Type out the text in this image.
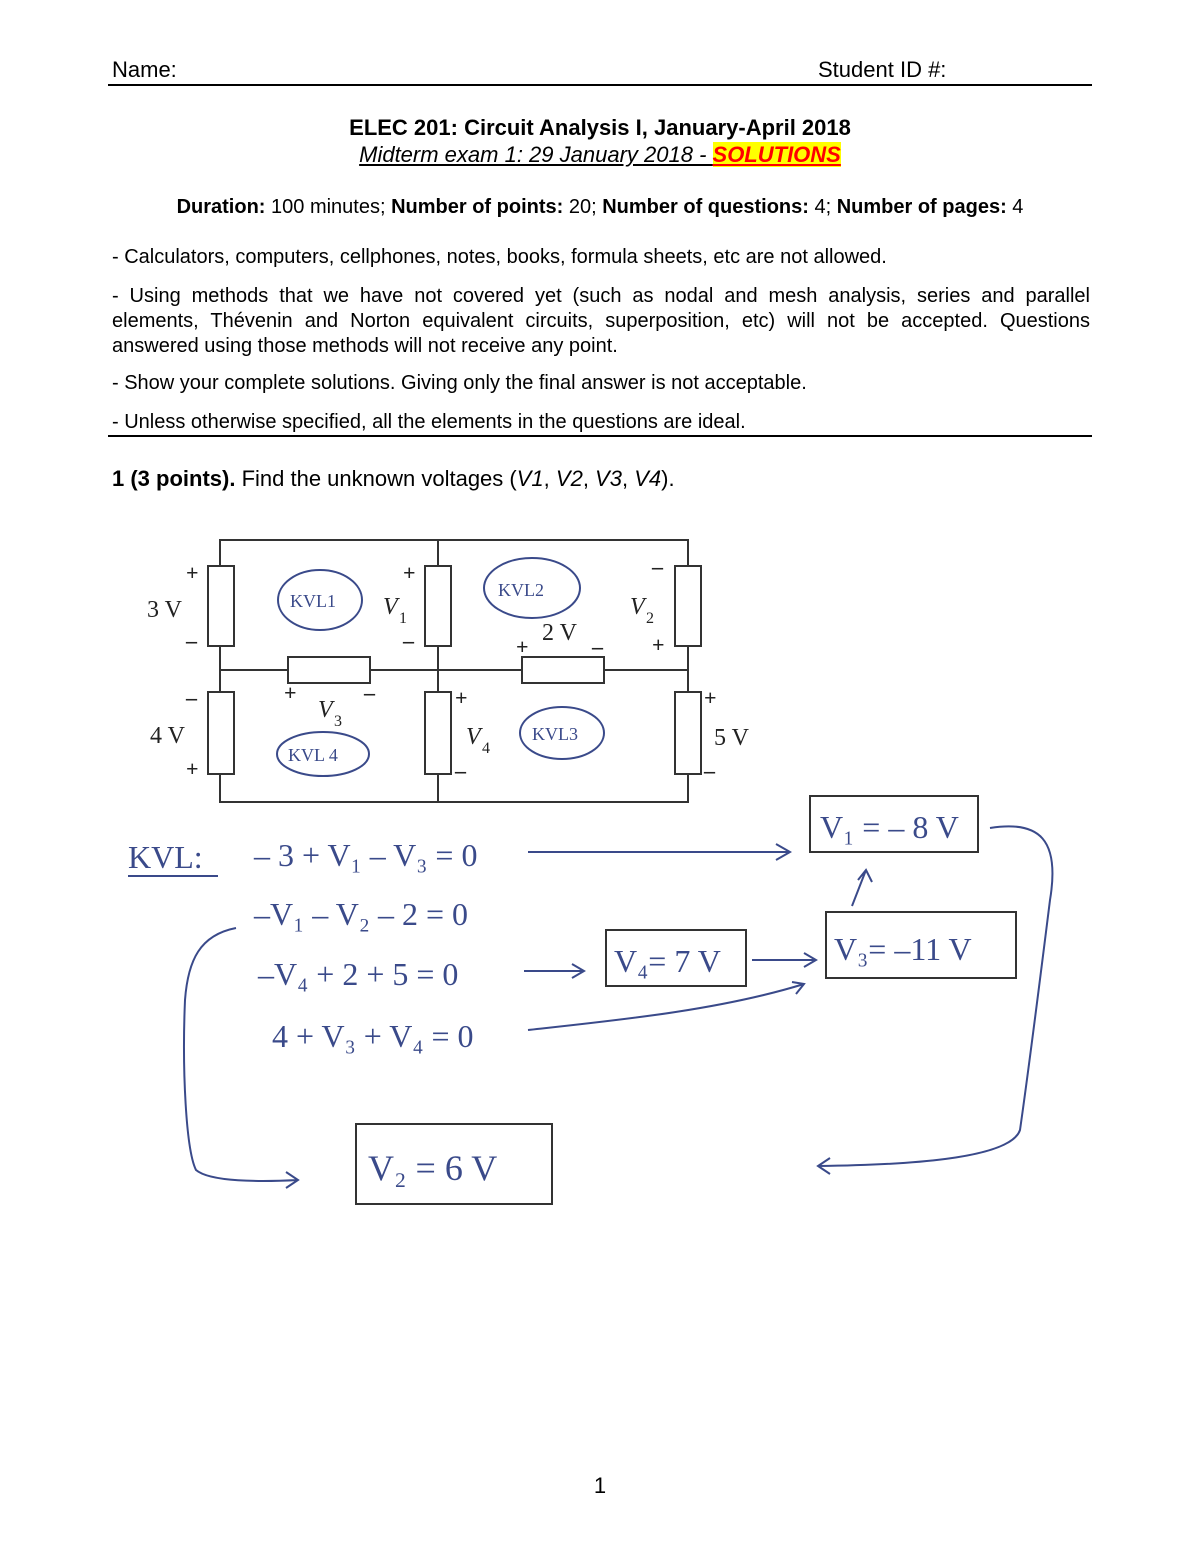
Name:	Student ID #:
ELEC 201: Circuit Analysis I, January-April 2018
Midterm exam 1: 29 January 2018 - SOLUTIONS
Duration: 100 minutes; Number of points: 20; Number of questions: 4; Number of pages: 4
- Calculators, computers, cellphones, notes, books, formula sheets, etc are not allowed.
- Using methods that we have not covered yet (such as nodal and mesh analysis, series and parallel elements, Thévenin and Norton equivalent circuits, superposition, etc) will not be accepted. Questions answered using those methods will not receive any point.
- Show your complete solutions. Giving only the final answer is not acceptable.
- Unless otherwise specified, all the elements in the questions are ideal.
1 (3 points). Find the unknown voltages (V1, V2, V3, V4).
3 V
4 V	5 V
2 V
V 1	V 2
V 3
V 4
+
–
–
+
+
–
+
–
–
+
+
–
+	–
+	–
KVL1
KVL2
KVL3
KVL 4
KVL: – 3 + V₁ – V₃ = 0
–V₁ – V₂ – 2 = 0
–V₄ + 2 + 5 = 0
4 + V₃ + V₄ = 0
V₁ = – 8 V
V₃= –11 V
V₄= 7 V
V₂ = 6 V
1
